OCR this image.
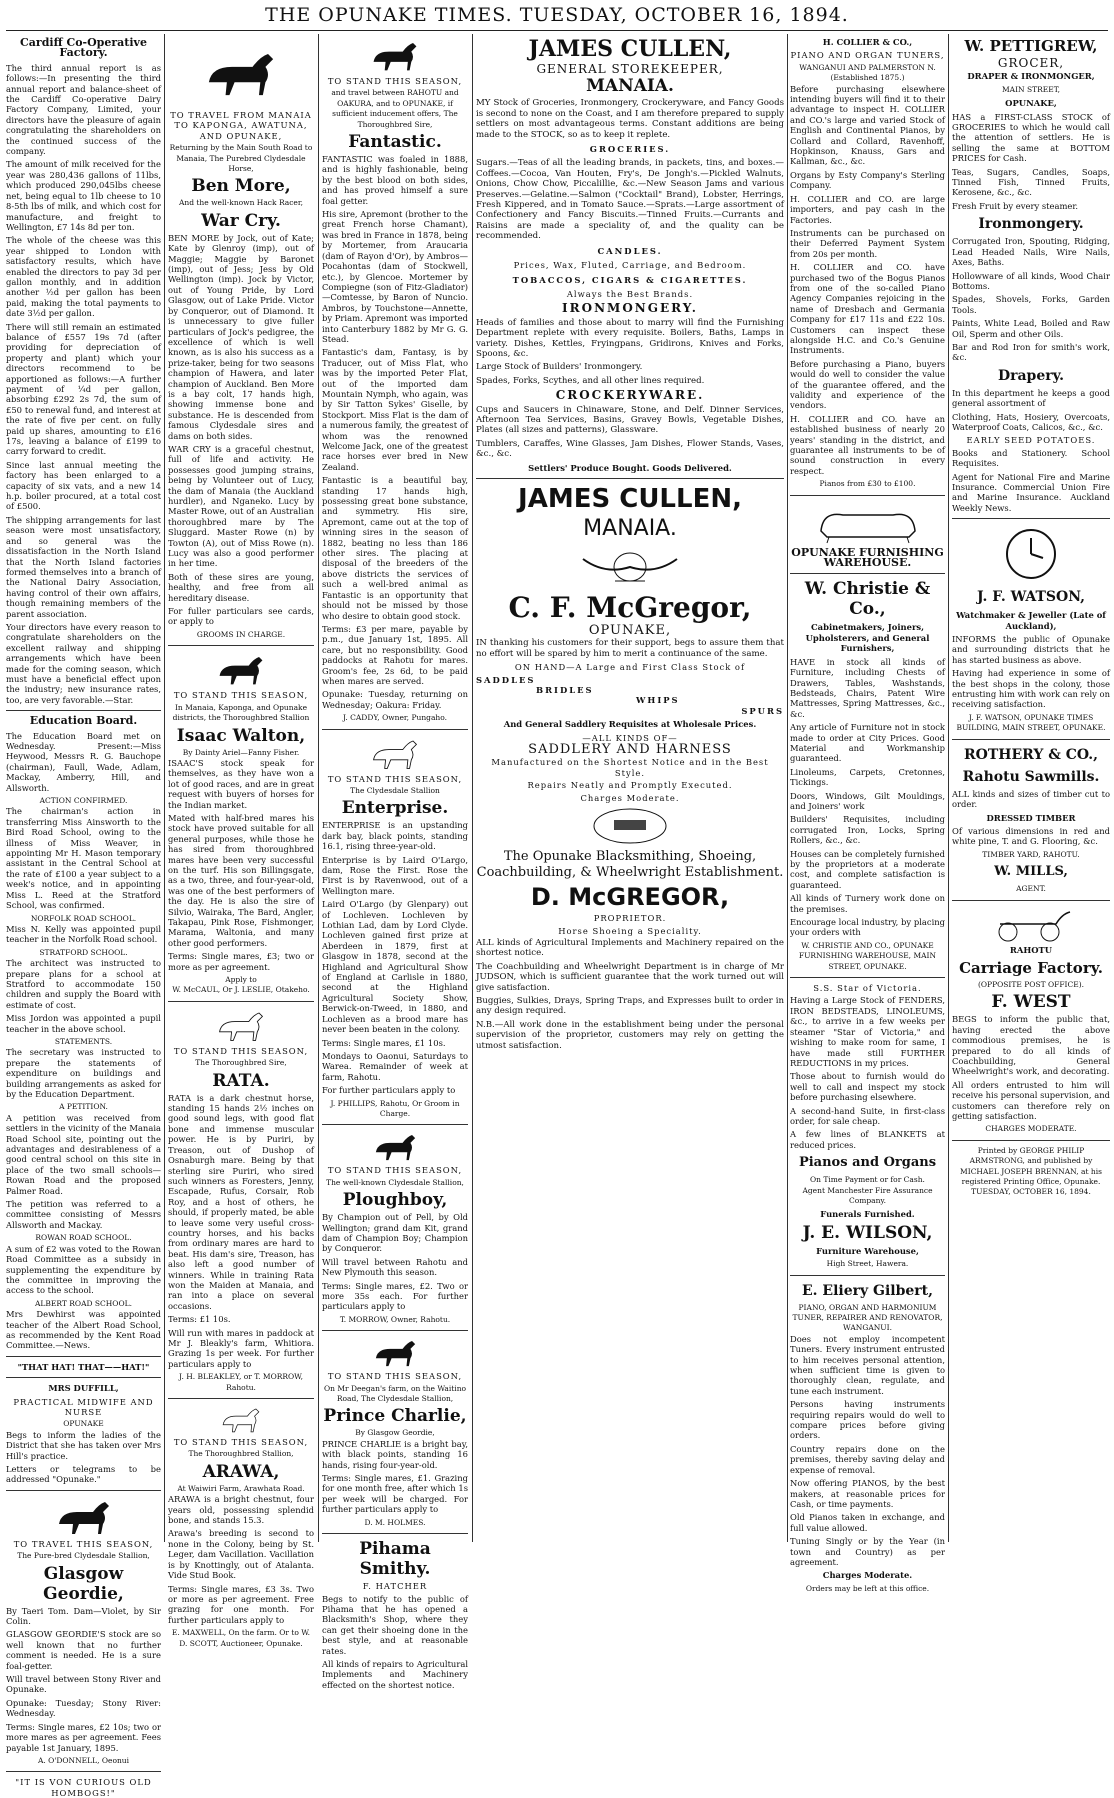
THE OPUNAKE TIMES. TUESDAY, OCTOBER 16, 1894.
Cardiff Co-Operative Factory.

The third annual report is as follows:—In presenting the third annual report and balance-sheet of the Cardiff Co-operative Dairy Factory Company, Limited, your directors have the pleasure of again congratulating the shareholders on the continued success of the company.

The amount of milk received for the year was 280,436 gallons of 11lbs, which produced 290,045lbs cheese net, being equal to 1lb cheese to 10 8-5th lbs of milk, and which cost for manufacture, and freight to Wellington, £7 14s 8d per ton.

The whole of the cheese was this year shipped to London with satisfactory results, which have enabled the directors to pay 3d per gallon monthly, and in addition another ½d per gallon has been paid, making the total payments to date 3½d per gallon.

There will still remain an estimated balance of £557 19s 7d (after providing for depreciation of property and plant) which your directors recommend to be apportioned as follows:—A further payment of ¼d per gallon, absorbing £292 2s 7d, the sum of £50 to renewal fund, and interest at the rate of five per cent. on fully paid up shares, amounting to £16 17s, leaving a balance of £199 to carry forward to credit.

Since last annual meeting the factory has been enlarged to a capacity of six vats, and a new 14 h.p. boiler procured, at a total cost of £500.

The shipping arrangements for last season were most unsatisfactory, and so general was the dissatisfaction in the North Island that the North Island factories formed themselves into a branch of the National Dairy Association, having control of their own affairs, though remaining members of the parent association.

Your directors have every reason to congratulate shareholders on the excellent railway and shipping arrangements which have been made for the coming season, which must have a beneficial effect upon the industry; new insurance rates, too, are very favorable.—Star.

Education Board.

The Education Board met on Wednesday. Present:—Miss Heywood, Messrs R. G. Bauchope (chairman), Faull, Wade, Adlam, Mackay, Amberry, Hill, and Allsworth.

ACTION CONFIRMED.

The chairman's action in transferring Miss Ainsworth to the Bird Road School, owing to the illness of Miss Weaver, in appointing Mr H. Mason temporary assistant in the Central School at the rate of £100 a year subject to a week's notice, and in appointing Miss L. Reed at the Stratford School, was confirmed.

NORFOLK ROAD SCHOOL.

Miss N. Kelly was appointed pupil teacher in the Norfolk Road school.

STRATFORD SCHOOL.

The architect was instructed to prepare plans for a school at Stratford to accommodate 150 children and supply the Board with estimate of cost.

Miss Jordon was appointed a pupil teacher in the above school.

STATEMENTS.

The secretary was instructed to prepare the statements of expenditure on buildings and building arrangements as asked for by the Education Department.

A PETITION.

A petition was received from settlers in the vicinity of the Manaia Road School site, pointing out the advantages and desirableness of a good central school on this site in place of the two small schools—Rowan Road and the proposed Palmer Road.

The petition was referred to a committee consisting of Messrs Allsworth and Mackay.

ROWAN ROAD SCHOOL.

A sum of £2 was voted to the Rowan Road Committee as a subsidy in supplementing the expenditure by the committee in improving the access to the school.

ALBERT ROAD SCHOOL.

Mrs Dewhirst was appointed teacher of the Albert Road School, as recommended by the Kent Road Committee.—News.

"THAT HAT! THAT——HAT!"
MRS DUFFILL,
PRACTICAL MIDWIFE AND NURSE
OPUNAKE

Begs to inform the ladies of the District that she has taken over Mrs Hill's practice.

Letters or telegrams to be addressed "Opunake."

TO TRAVEL THIS SEASON,
The Pure-bred Clydesdale Stallion,
Glasgow Geordie,

By Taeri Tom. Dam—Violet, by Sir Colin.

GLASGOW GEORDIE'S stock are so well known that no further comment is needed. He is a sure foal-getter.

Will travel between Stony River and Opunake.

Opunake: Tuesday; Stony River: Wednesday.

Terms: Single mares, £2 10s; two or more mares as per agreement. Fees payable 1st January, 1895.

A. O'DONNELL, Oeonui
"IT IS VON CURIOUS OLD HOMBOGS!"
TO TRAVEL FROM MANAIA TO KAPONGA, AWATUNA, AND OPUNAKE,
Returning by the Main South Road to Manaia, The Purebred Clydesdale Horse,
Ben More,
And the well-known Hack Racer,
War Cry.

BEN MORE by Jock, out of Kate; Kate by Glenroy (imp), out of Maggie; Maggie by Baronet (imp), out of Jess; Jess by Old Wellington (imp). Jock by Victor, out of Young Pride, by Lord Glasgow, out of Lake Pride. Victor by Conqueror, out of Diamond. It is unnecessary to give fuller particulars of Jock's pedigree, the excellence of which is well known, as is also his success as a prize-taker, being for two seasons champion of Hawera, and later champion of Auckland. Ben More is a bay colt, 17 hands high, showing immense bone and substance. He is descended from famous Clydesdale sires and dams on both sides.

WAR CRY is a graceful chestnut, full of life and activity. He possesses good jumping strains, being by Volunteer out of Lucy, the dam of Manaia (the Auckland hurdler), and Nganeko. Lucy by Master Rowe, out of an Australian thoroughbred mare by The Sluggard. Master Rowe (n) by Towton (A), out of Miss Rowe (n). Lucy was also a good performer in her time.

Both of these sires are young, healthy, and free from all hereditary disease.

For fuller particulars see cards, or apply to

GROOMS IN CHARGE.
TO STAND THIS SEASON,
In Manaia, Kaponga, and Opunake districts, the Thoroughbred Stallion
Isaac Walton,
By Dainty Ariel—Fanny Fisher.

ISAAC'S stock speak for themselves, as they have won a lot of good races, and are in great request with buyers of horses for the Indian market.

Mated with half-bred mares his stock have proved suitable for all general purposes, while those he has sired from thoroughbred mares have been very successful on the turf. His son Billingsgate, as a two, three, and four-year-old, was one of the best performers of the day. He is also the sire of Silvio, Wairaka, The Bard, Angler, Takapau, Pink Rose, Fishmonger, Marama, Waltonia, and many other good performers.

Terms: Single mares, £3; two or more as per agreement.

Apply to
W. McCAUL, Or J. LESLIE, Otakeho.
TO STAND THIS SEASON,
The Thoroughbred Sire,
RATA.

RATA is a dark chestnut horse, standing 15 hands 2½ inches on good sound legs, with good flat bone and immense muscular power. He is by Puriri, by Treason, out of Dushop of Osnaburgh mare. Being by that sterling sire Puriri, who sired such winners as Foresters, Jenny, Escapade, Rufus, Corsair, Rob Roy, and a host of others, he should, if properly mated, be able to leave some very useful cross-country horses, and his backs from ordinary mares are hard to beat. His dam's sire, Treason, has also left a good number of winners. While in training Rata won the Maiden at Manaia, and ran into a place on several occasions.

Terms: £1 10s.

Will run with mares in paddock at Mr J. Bleakly's farm, Whitiora. Grazing 1s per week. For further particulars apply to

J. H. BLEAKLEY, or T. MORROW, Rahotu.
TO STAND THIS SEASON,
The Thoroughbred Stallion,
ARAWA,
At Waiwiri Farm, Arawhata Road.

ARAWA is a bright chestnut, four years old, possessing splendid bone, and stands 15.3.

Arawa's breeding is second to none in the Colony, being by St. Leger, dam Vacillation. Vacillation is by Knottingly, out of Atalanta. Vide Stud Book.

Terms: Single mares, £3 3s. Two or more as per agreement. Free grazing for one month. For further particulars apply to

E. MAXWELL, On the farm. Or to W. D. SCOTT, Auctioneer, Opunake.
TO STAND THIS SEASON,
and travel between RAHOTU and OAKURA, and to OPUNAKE, if sufficient inducement offers, The Thoroughbred Sire,
Fantastic.

FANTASTIC was foaled in 1888, and is highly fashionable, being by the best blood on both sides, and has proved himself a sure foal getter.

His sire, Apremont (brother to the great French horse Chamant), was bred in France in 1878, being by Mortemer, from Araucaria (dam of Rayon d'Or), by Ambros—Pocahontas (dam of Stockwell, etc.), by Glencoe. Mortemer by Compiegne (son of Fitz-Gladiator)—Comtesse, by Baron of Nuncio. Ambros, by Touchstone—Annette, by Priam. Apremont was imported into Canterbury 1882 by Mr G. G. Stead.

Fantastic's dam, Fantasy, is by Traducer, out of Miss Flat, who was by the imported Peter Flat, out of the imported dam Mountain Nymph, who again, was by Sir Tatton Sykes' Giselle, by Stockport. Miss Flat is the dam of a numerous family, the greatest of whom was the renowned Welcome Jack, one of the greatest race horses ever bred in New Zealand.

Fantastic is a beautiful bay, standing 17 hands high, possessing great bone substance, and symmetry. His sire, Apremont, came out at the top of winning sires in the season of 1882, beating no less than 186 other sires. The placing at disposal of the breeders of the above districts the services of such a well-bred animal as Fantastic is an opportunity that should not be missed by those who desire to obtain good stock.

Terms: £3 per mare, payable by p.m., due January 1st, 1895. All care, but no responsibility. Good paddocks at Rahotu for mares. Groom's fee, 2s 6d, to be paid when mares are served.

Opunake: Tuesday, returning on Wednesday; Oakura: Friday.

J. CADDY, Owner, Pungaho.
TO STAND THIS SEASON,
The Clydesdale Stallion
Enterprise.

ENTERPRISE is an upstanding dark bay, black points, standing 16.1, rising three-year-old.

Enterprise is by Laird O'Largo, dam, Rose the First. Rose the First is by Ravenwood, out of a Wellington mare.

Laird O'Largo (by Glenpary) out of Lochleven. Lochleven by Lothian Lad, dam by Lord Clyde. Lochleven gained first prize at Aberdeen in 1879, first at Glasgow in 1878, second at the Highland and Agricultural Show of England at Carlisle in 1880, second at the Highland Agricultural Society Show, Berwick-on-Tweed, in 1880, and Lochleven as a brood mare has never been beaten in the colony.

Terms: Single mares, £1 10s.

Mondays to Oaonui, Saturdays to Warea. Remainder of week at farm, Rahotu.

For further particulars apply to

J. PHILLIPS, Rahotu, Or Groom in Charge.
TO STAND THIS SEASON,
The well-known Clydesdale Stallion,
Ploughboy,

By Champion out of Pell, by Old Wellington; grand dam Kit, grand dam of Champion Boy; Champion by Conqueror.

Will travel between Rahotu and New Plymouth this season.

Terms: Single mares, £2. Two or more 35s each. For further particulars apply to

T. MORROW, Owner, Rahotu.
TO STAND THIS SEASON,
On Mr Deegan's farm, on the Waitino Road, The Clydesdale Stallion,
Prince Charlie,
By Glasgow Geordie,

PRINCE CHARLIE is a bright bay, with black points, standing 16 hands, rising four-year-old.

Terms: Single mares, £1. Grazing for one month free, after which 1s per week will be charged. For further particulars apply to

D. M. HOLMES.
Pihama Smithy.
F. HATCHER

Begs to notify to the public of Pihama that he has opened a Blacksmith's Shop, where they can get their shoeing done in the best style, and at reasonable rates.

All kinds of repairs to Agricultural Implements and Machinery effected on the shortest notice.

JAMES CULLEN,
GENERAL STOREKEEPER,
MANAIA.

MY Stock of Groceries, Ironmongery, Crockeryware, and Fancy Goods is second to none on the Coast, and I am therefore prepared to supply settlers on most advantageous terms. Constant additions are being made to the STOCK, so as to keep it replete.

GROCERIES.

Sugars.—Teas of all the leading brands, in packets, tins, and boxes.—Coffees.—Cocoa, Van Houten, Fry's, De Jongh's.—Pickled Walnuts, Onions, Chow Chow, Piccalillie, &c.—New Season Jams and various Preserves.—Gelatine.—Salmon ("Cocktail" Brand), Lobster, Herrings, Fresh Kippered, and in Tomato Sauce.—Sprats.—Large assortment of Confectionery and Fancy Biscuits.—Tinned Fruits.—Currants and Raisins are made a speciality of, and the quality can be recommended.

CANDLES.
Prices, Wax, Fluted, Carriage, and Bedroom.
TOBACCOS, CIGARS & CIGARETTES.
Always the Best Brands.
IRONMONGERY.

Heads of families and those about to marry will find the Furnishing Department replete with every requisite. Boilers, Baths, Lamps in variety. Dishes, Kettles, Fryingpans, Gridirons, Knives and Forks, Spoons, &c.

Large Stock of Builders' Ironmongery.

Spades, Forks, Scythes, and all other lines required.

CROCKERYWARE.

Cups and Saucers in Chinaware, Stone, and Delf. Dinner Services, Afternoon Tea Services, Basins, Gravey Bowls, Vegetable Dishes, Plates (all sizes and patterns), Glassware.

Tumblers, Caraffes, Wine Glasses, Jam Dishes, Flower Stands, Vases, &c., &c.

Settlers' Produce Bought. Goods Delivered.
JAMES CULLEN,
MANAIA.
C. F. McGregor,
OPUNAKE,

IN thanking his customers for their support, begs to assure them that no effort will be spared by him to merit a continuance of the same.

ON HAND—A Large and First Class Stock of
SADDLES
BRIDLES
WHIPS
SPURS
And General Saddlery Requisites at Wholesale Prices.
—ALL KINDS OF—
SADDLERY AND HARNESS
Manufactured on the Shortest Notice and in the Best Style.
Repairs Neatly and Promptly Executed.
Charges Moderate.
The Opunake Blacksmithing, Shoeing, Coachbuilding, & Wheelwright Establishment.
D. McGREGOR,
PROPRIETOR.
Horse Shoeing a Speciality.

ALL kinds of Agricultural Implements and Machinery repaired on the shortest notice.

The Coachbuilding and Wheelwright Department is in charge of Mr JUDSON, which is sufficient guarantee that the work turned out will give satisfaction.

Buggies, Sulkies, Drays, Spring Traps, and Expresses built to order in any design required.

N.B.—All work done in the establishment being under the personal supervision of the proprietor, customers may rely on getting the utmost satisfaction.

H. COLLIER & CO.,
PIANO AND ORGAN TUNERS,
WANGANUI AND PALMERSTON N. (Established 1875.)

Before purchasing elsewhere intending buyers will find it to their advantage to inspect H. COLLIER and CO.'s large and varied Stock of English and Continental Pianos, by Collard and Collard, Ravenhoff, Hopkinson, Knauss, Gars and Kallman, &c., &c.

Organs by Esty Company's Sterling Company.

H. COLLIER and CO. are large importers, and pay cash in the Factories.

Instruments can be purchased on their Deferred Payment System from 20s per month.

H. COLLIER and CO. have purchased two of the Bogus Pianos from one of the so-called Piano Agency Companies rejoicing in the name of Dresbach and Germania Company for £17 11s and £22 10s. Customers can inspect these alongside H.C. and Co.'s Genuine Instruments.

Before purchasing a Piano, buyers would do well to consider the value of the guarantee offered, and the validity and experience of the vendors.

H. COLLIER and CO. have an established business of nearly 20 years' standing in the district, and guarantee all instruments to be of sound construction in every respect.

Pianos from £30 to £100.
OPUNAKE FURNISHING WAREHOUSE.
W. Christie & Co.,
Cabinetmakers, Joiners, Upholsterers, and General Furnishers,

HAVE in stock all kinds of Furniture, including Chests of Drawers, Tables, Washstands, Bedsteads, Chairs, Patent Wire Mattresses, Spring Mattresses, &c., &c.

Any article of Furniture not in stock made to order at City Prices. Good Material and Workmanship guaranteed.

Linoleums, Carpets, Cretonnes, Tickings.

Doors, Windows, Gilt Mouldings, and Joiners' work

Builders' Requisites, including corrugated Iron, Locks, Spring Rollers, &c., &c.

Houses can be completely furnished by the proprietors at a moderate cost, and complete satisfaction is guaranteed.

All kinds of Turnery work done on the premises.

Encourage local industry, by placing your orders with

W. CHRISTIE AND CO., OPUNAKE FURNISHING WAREHOUSE, MAIN STREET, OPUNAKE.
S.S. Star of Victoria.

Having a Large Stock of FENDERS, IRON BEDSTEADS, LINOLEUMS, &c., to arrive in a few weeks per steamer "Star of Victoria," and wishing to make room for same, I have made still FURTHER REDUCTIONS in my prices.

Those about to furnish would do well to call and inspect my stock before purchasing elsewhere.

A second-hand Suite, in first-class order, for sale cheap.

A few lines of BLANKETS at reduced prices.

Pianos and Organs
On Time Payment or for Cash.
Agent Manchester Fire Assurance Company.
Funerals Furnished.
J. E. WILSON,
Furniture Warehouse,
High Street, Hawera.
E. Eliery Gilbert,
PIANO, ORGAN AND HARMONIUM TUNER, REPAIRER AND RENOVATOR, WANGANUI.

Does not employ incompetent Tuners. Every instrument entrusted to him receives personal attention, when sufficient time is given to thoroughly clean, regulate, and tune each instrument.

Persons having instruments requiring repairs would do well to compare prices before giving orders.

Country repairs done on the premises, thereby saving delay and expense of removal.

Now offering PIANOS, by the best makers, at reasonable prices for Cash, or time payments.

Old Pianos taken in exchange, and full value allowed.

Tuning Singly or by the Year (in town and Country) as per agreement.

Charges Moderate.
Orders may be left at this office.
W. PETTIGREW,
GROCER,
DRAPER & IRONMONGER,
MAIN STREET,
OPUNAKE,

HAS a FIRST-CLASS STOCK of GROCERIES to which he would call the attention of settlers. He is selling the same at BOTTOM PRICES for Cash.

Teas, Sugars, Candles, Soaps, Tinned Fish, Tinned Fruits, Kerosene, &c., &c.

Fresh Fruit by every steamer.

Ironmongery.

Corrugated Iron, Spouting, Ridging, Lead Headed Nails, Wire Nails, Axes, Baths.

Hollowware of all kinds, Wood Chair Bottoms.

Spades, Shovels, Forks, Garden Tools.

Paints, White Lead, Boiled and Raw Oil, Sperm and other Oils.

Bar and Rod Iron for smith's work, &c.

Drapery.

In this department he keeps a good general assortment of

Clothing, Hats, Hosiery, Overcoats, Waterproof Coats, Calicos, &c., &c.

EARLY SEED POTATOES.

Books and Stationery. School Requisites.

Agent for National Fire and Marine Insurance. Commercial Union Fire and Marine Insurance. Auckland Weekly News.

J. F. WATSON,
Watchmaker & Jeweller (Late of Auckland),

INFORMS the public of Opunake and surrounding districts that he has started business as above.

Having had experience in some of the best shops in the colony, those entrusting him with work can rely on receiving satisfaction.

J. F. WATSON, OPUNAKE TIMES BUILDING, MAIN STREET, OPUNAKE.
ROTHERY & CO.,
Rahotu Sawmills.

ALL kinds and sizes of timber cut to order.

DRESSED TIMBER

Of various dimensions in red and white pine, T. and G. Flooring, &c.

TIMBER YARD, RAHOTU.
W. MILLS,
AGENT.
RAHOTU
Carriage Factory.
(OPPOSITE POST OFFICE).
F. WEST

BEGS to inform the public that, having erected the above commodious premises, he is prepared to do all kinds of Coachbuilding, General Wheelwright's work, and decorating.

All orders entrusted to him will receive his personal supervision, and customers can therefore rely on getting satisfaction.

CHARGES MODERATE.
Printed by GEORGE PHILIP ARMSTRONG, and published by MICHAEL JOSEPH BRENNAN, at his registered Printing Office, Opunake. TUESDAY, OCTOBER 16, 1894.
